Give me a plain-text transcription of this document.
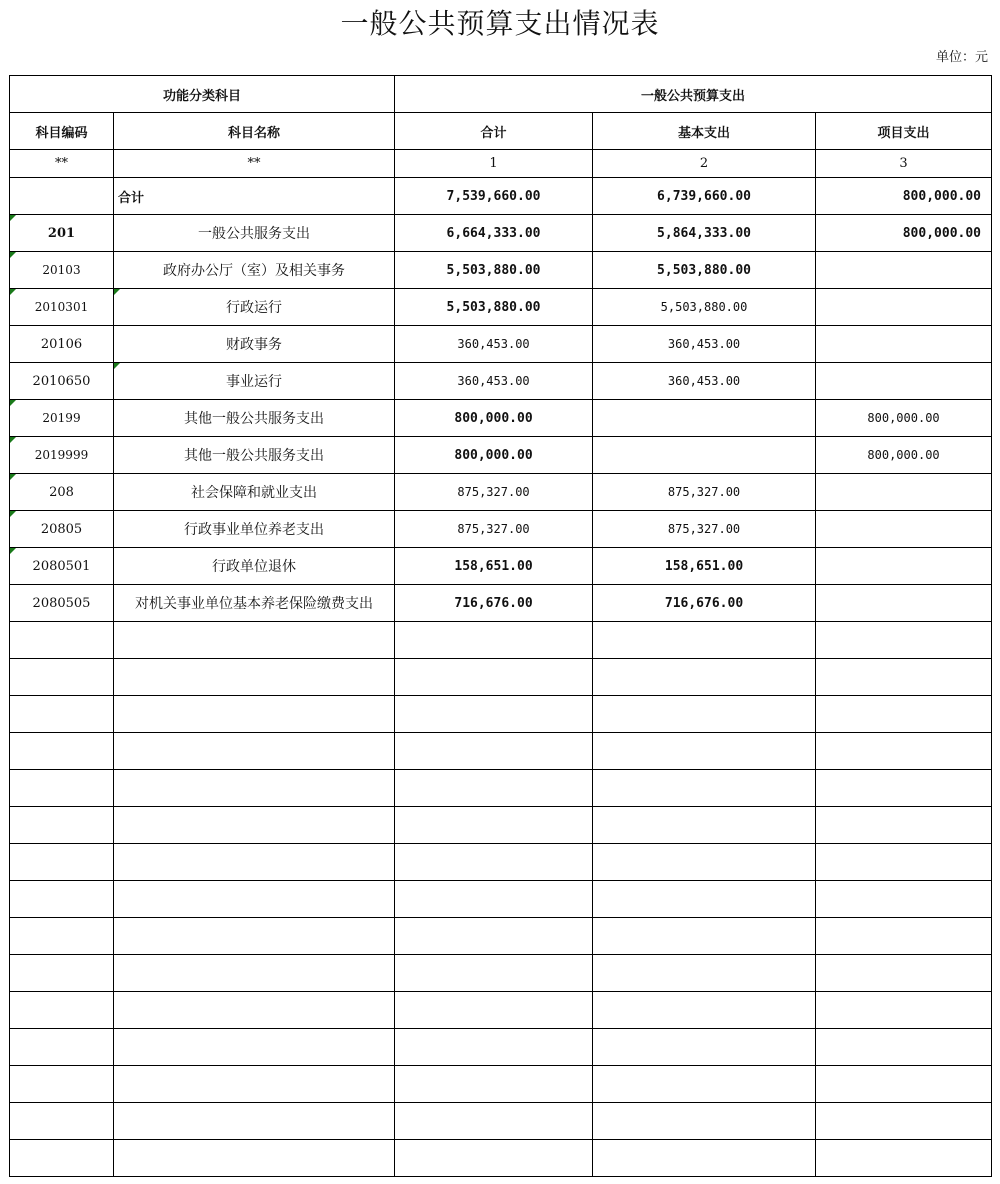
一般公共预算支出情况表
单位：元
功能分类科目		一般公共预算支出		
科目编码	科目名称	合计	基本支出	项目支出
**	**	1	2	3
	合计	7,539,660.00	6,739,660.00	800,000.00
201	一般公共服务支出	6,664,333.00	5,864,333.00	800,000.00
20103	政府办公厅（室）及相关事务	5,503,880.00	5,503,880.00	
2010301	行政运行	5,503,880.00	5,503,880.00	
20106	财政事务	360,453.00	360,453.00	
2010650	事业运行	360,453.00	360,453.00	
20199	其他一般公共服务支出	800,000.00		800,000.00
2019999	其他一般公共服务支出	800,000.00		800,000.00
208	社会保障和就业支出	875,327.00	875,327.00	
20805	行政事业单位养老支出	875,327.00	875,327.00	
2080501	行政单位退休	158,651.00	158,651.00	
2080505	对机关事业单位基本养老保险缴费支出	716,676.00	716,676.00	
